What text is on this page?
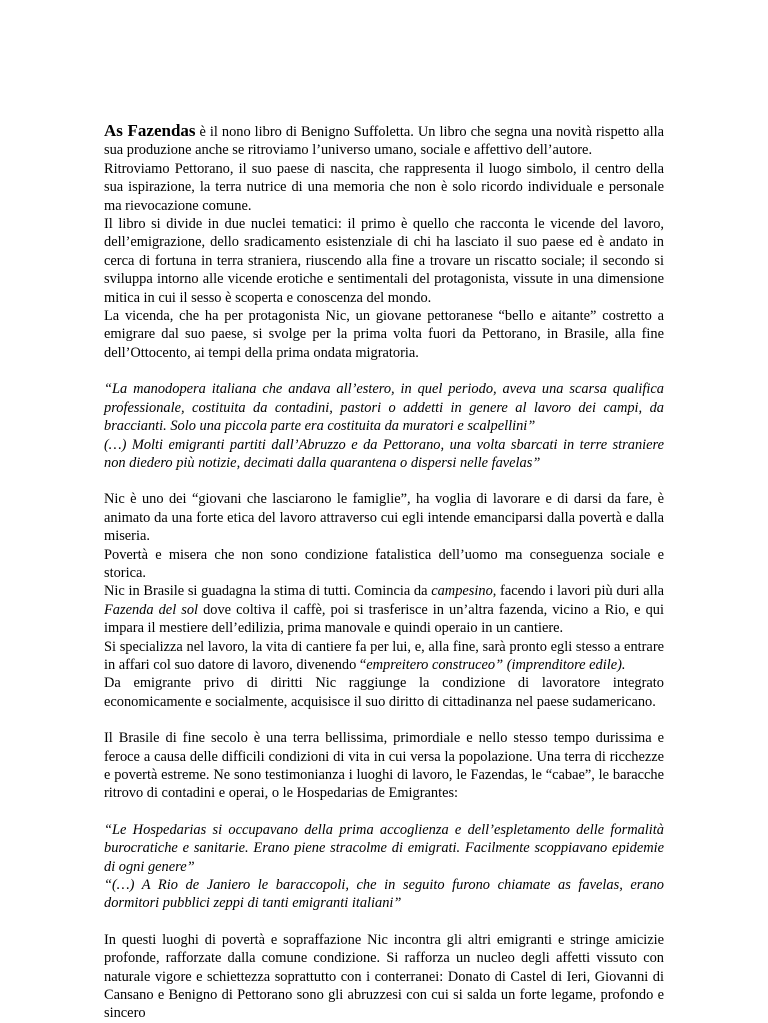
As Fazendas è il nono libro di Benigno Suffoletta. Un libro che segna una novità rispetto alla sua produzione anche se ritroviamo l’universo umano, sociale e affettivo dell’autore.

Ritroviamo Pettorano, il suo paese di nascita, che rappresenta il luogo simbolo, il centro della sua ispirazione, la terra nutrice di una memoria che non è solo ricordo individuale e personale ma rievocazione comune.

Il libro si divide in due nuclei tematici: il primo è quello che racconta le vicende del lavoro, dell’emigrazione, dello sradicamento esistenziale di chi ha lasciato il suo paese ed è andato in cerca di fortuna in terra straniera, riuscendo alla fine a trovare un riscatto sociale; il secondo si sviluppa intorno alle vicende erotiche e sentimentali del protagonista, vissute in una dimensione mitica in cui il sesso è scoperta e conoscenza del mondo.

La vicenda, che ha per protagonista Nic, un giovane pettoranese “bello e aitante” costretto a emigrare dal suo paese, si svolge per la prima volta fuori da Pettorano, in Brasile, alla fine dell’Ottocento, ai tempi della prima ondata migratoria.

“La manodopera italiana che andava all’estero, in quel periodo, aveva una scarsa qualifica professionale, costituita da contadini, pastori o addetti in genere al lavoro dei campi, da braccianti. Solo una piccola parte era costituita da muratori e scalpellini”

(…) Molti emigranti partiti dall’Abruzzo e da Pettorano, una volta sbarcati in terre straniere non diedero più notizie, decimati dalla quarantena o dispersi nelle favelas”

Nic è uno dei “giovani che lasciarono le famiglie”, ha voglia di lavorare e di darsi da fare, è animato da una forte etica del lavoro attraverso cui egli intende emanciparsi dalla povertà e dalla miseria.

Povertà e misera che non sono condizione fatalistica dell’uomo ma conseguenza sociale e storica.

Nic in Brasile si guadagna la stima di tutti. Comincia da campesino, facendo i lavori più duri alla Fazenda del sol dove coltiva il caffè, poi si trasferisce in un’altra fazenda, vicino a Rio, e qui impara il mestiere dell’edilizia, prima manovale e quindi operaio in un cantiere.

Si specializza nel lavoro, la vita di cantiere fa per lui, e, alla fine, sarà pronto egli stesso a entrare in affari col suo datore di lavoro, divenendo “empreitero construceo” (imprenditore edile).

Da emigrante privo di diritti Nic raggiunge la condizione di lavoratore integrato economicamente e socialmente, acquisisce il suo diritto di cittadinanza nel paese sudamericano.

Il Brasile di fine secolo è una terra bellissima, primordiale e nello stesso tempo durissima e feroce a causa delle difficili condizioni di vita in cui versa la popolazione. Una terra di ricchezze e povertà estreme. Ne sono testimonianza i luoghi di lavoro, le Fazendas, le “cabae”, le baracche ritrovo di contadini e operai, o le Hospedarias de Emigrantes:

“Le Hospedarias si occupavano della prima accoglienza e dell’espletamento delle formalità burocratiche e sanitarie. Erano piene stracolme di emigrati. Facilmente scoppiavano epidemie di ogni genere”

“(…) A Rio de Janiero le baraccopoli, che in seguito furono chiamate as favelas, erano dormitori pubblici zeppi di tanti emigranti italiani”

In questi luoghi di povertà e sopraffazione Nic incontra gli altri emigranti e stringe amicizie profonde, rafforzate dalla comune condizione. Si rafforza un nucleo degli affetti vissuto con naturale vigore e schiettezza soprattutto con i conterranei: Donato di Castel di Ieri, Giovanni di Cansano e Benigno di Pettorano sono gli abruzzesi con cui si salda un forte legame, profondo e sincero
